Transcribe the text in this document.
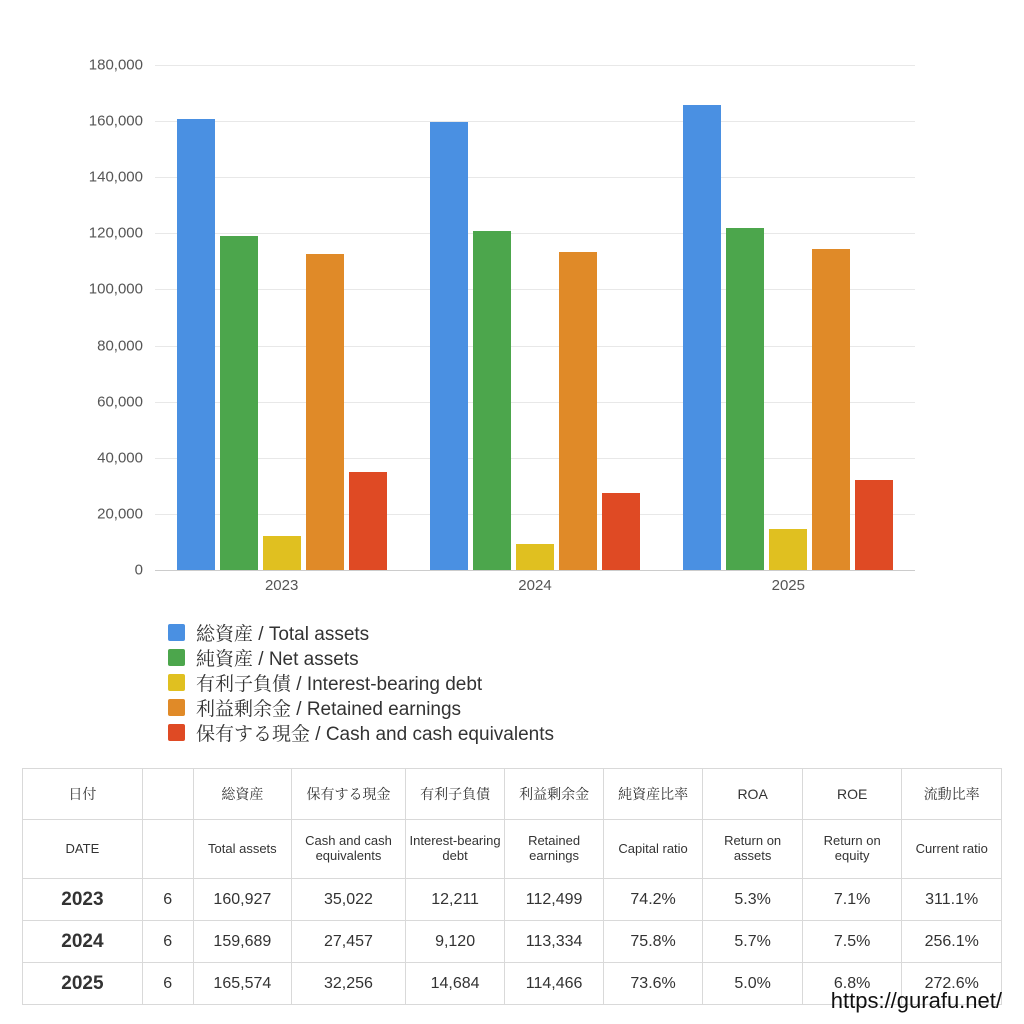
0
20,000
40,000
60,000
80,000
100,000
120,000
140,000
160,000
180,000
2023	2024	2025
総資産 / Total assets
純資産 / Net assets
有利子負債 / Interest-bearing debt
利益剰余金 / Retained earnings
保有する現金 / Cash and cash equivalents
日付		総資産	保有する現金	有利子負債	利益剰余金	純資産比率	ROA	ROE	流動比率
DATE		Total assets	Cash and cash equivalents	Interest-bearing debt	Retained earnings	Capital ratio	Return on assets	Return on equity	Current ratio
2023	6	160,927	35,022	12,211	112,499	74.2%	5.3%	7.1%	311.1%
2024	6	159,689	27,457	9,120	113,334	75.8%	5.7%	7.5%	256.1%
2025	6	165,574	32,256	14,684	114,466	73.6%	5.0%	6.8%	272.6%
https://gurafu.net/
